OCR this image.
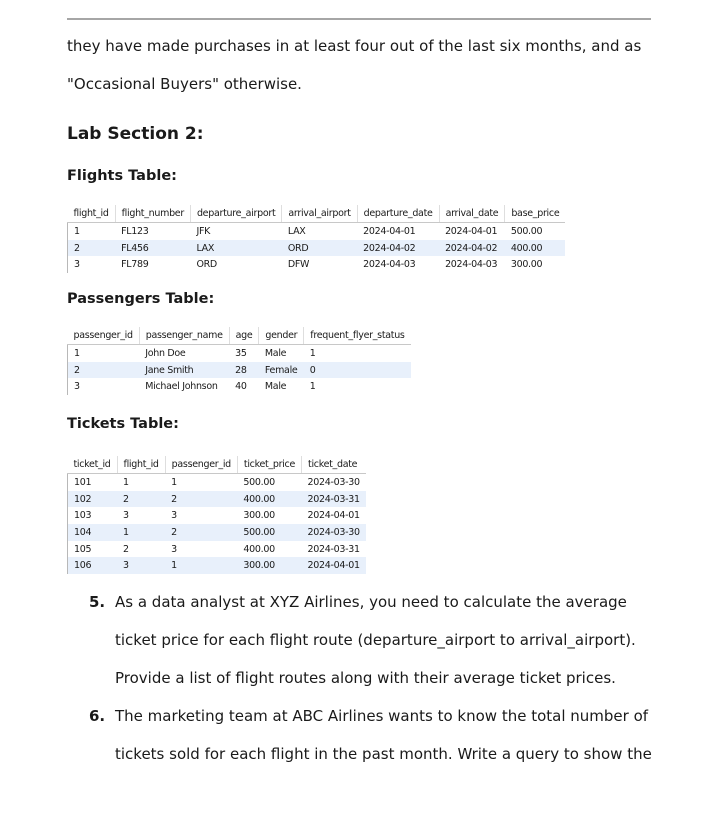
they have made purchases in at least four out of the last six months, and as
"Occasional Buyers" otherwise.
Lab Section 2:
Flights Table:
flight_id	flight_number	departure_airport	arrival_airport	departure_date	arrival_date	base_price
1	FL123	JFK	LAX	2024-04-01	2024-04-01	500.00
2	FL456	LAX	ORD	2024-04-02	2024-04-02	400.00
3	FL789	ORD	DFW	2024-04-03	2024-04-03	300.00
Passengers Table:
passenger_id	passenger_name	age	gender	frequent_flyer_status
1	John Doe	35	Male	1
2	Jane Smith	28	Female	0
3	Michael Johnson	40	Male	1
Tickets Table:
ticket_id	flight_id	passenger_id	ticket_price	ticket_date
101	1	1	500.00	2024-03-30
102	2	2	400.00	2024-03-31
103	3	3	300.00	2024-04-01
104	1	2	500.00	2024-03-30
105	2	3	400.00	2024-03-31
106	3	1	300.00	2024-04-01
5. As a data analyst at XYZ Airlines, you need to calculate the average
ticket price for each flight route (departure_airport to arrival_airport).
Provide a list of flight routes along with their average ticket prices.
6. The marketing team at ABC Airlines wants to know the total number of
tickets sold for each flight in the past month. Write a query to show the
